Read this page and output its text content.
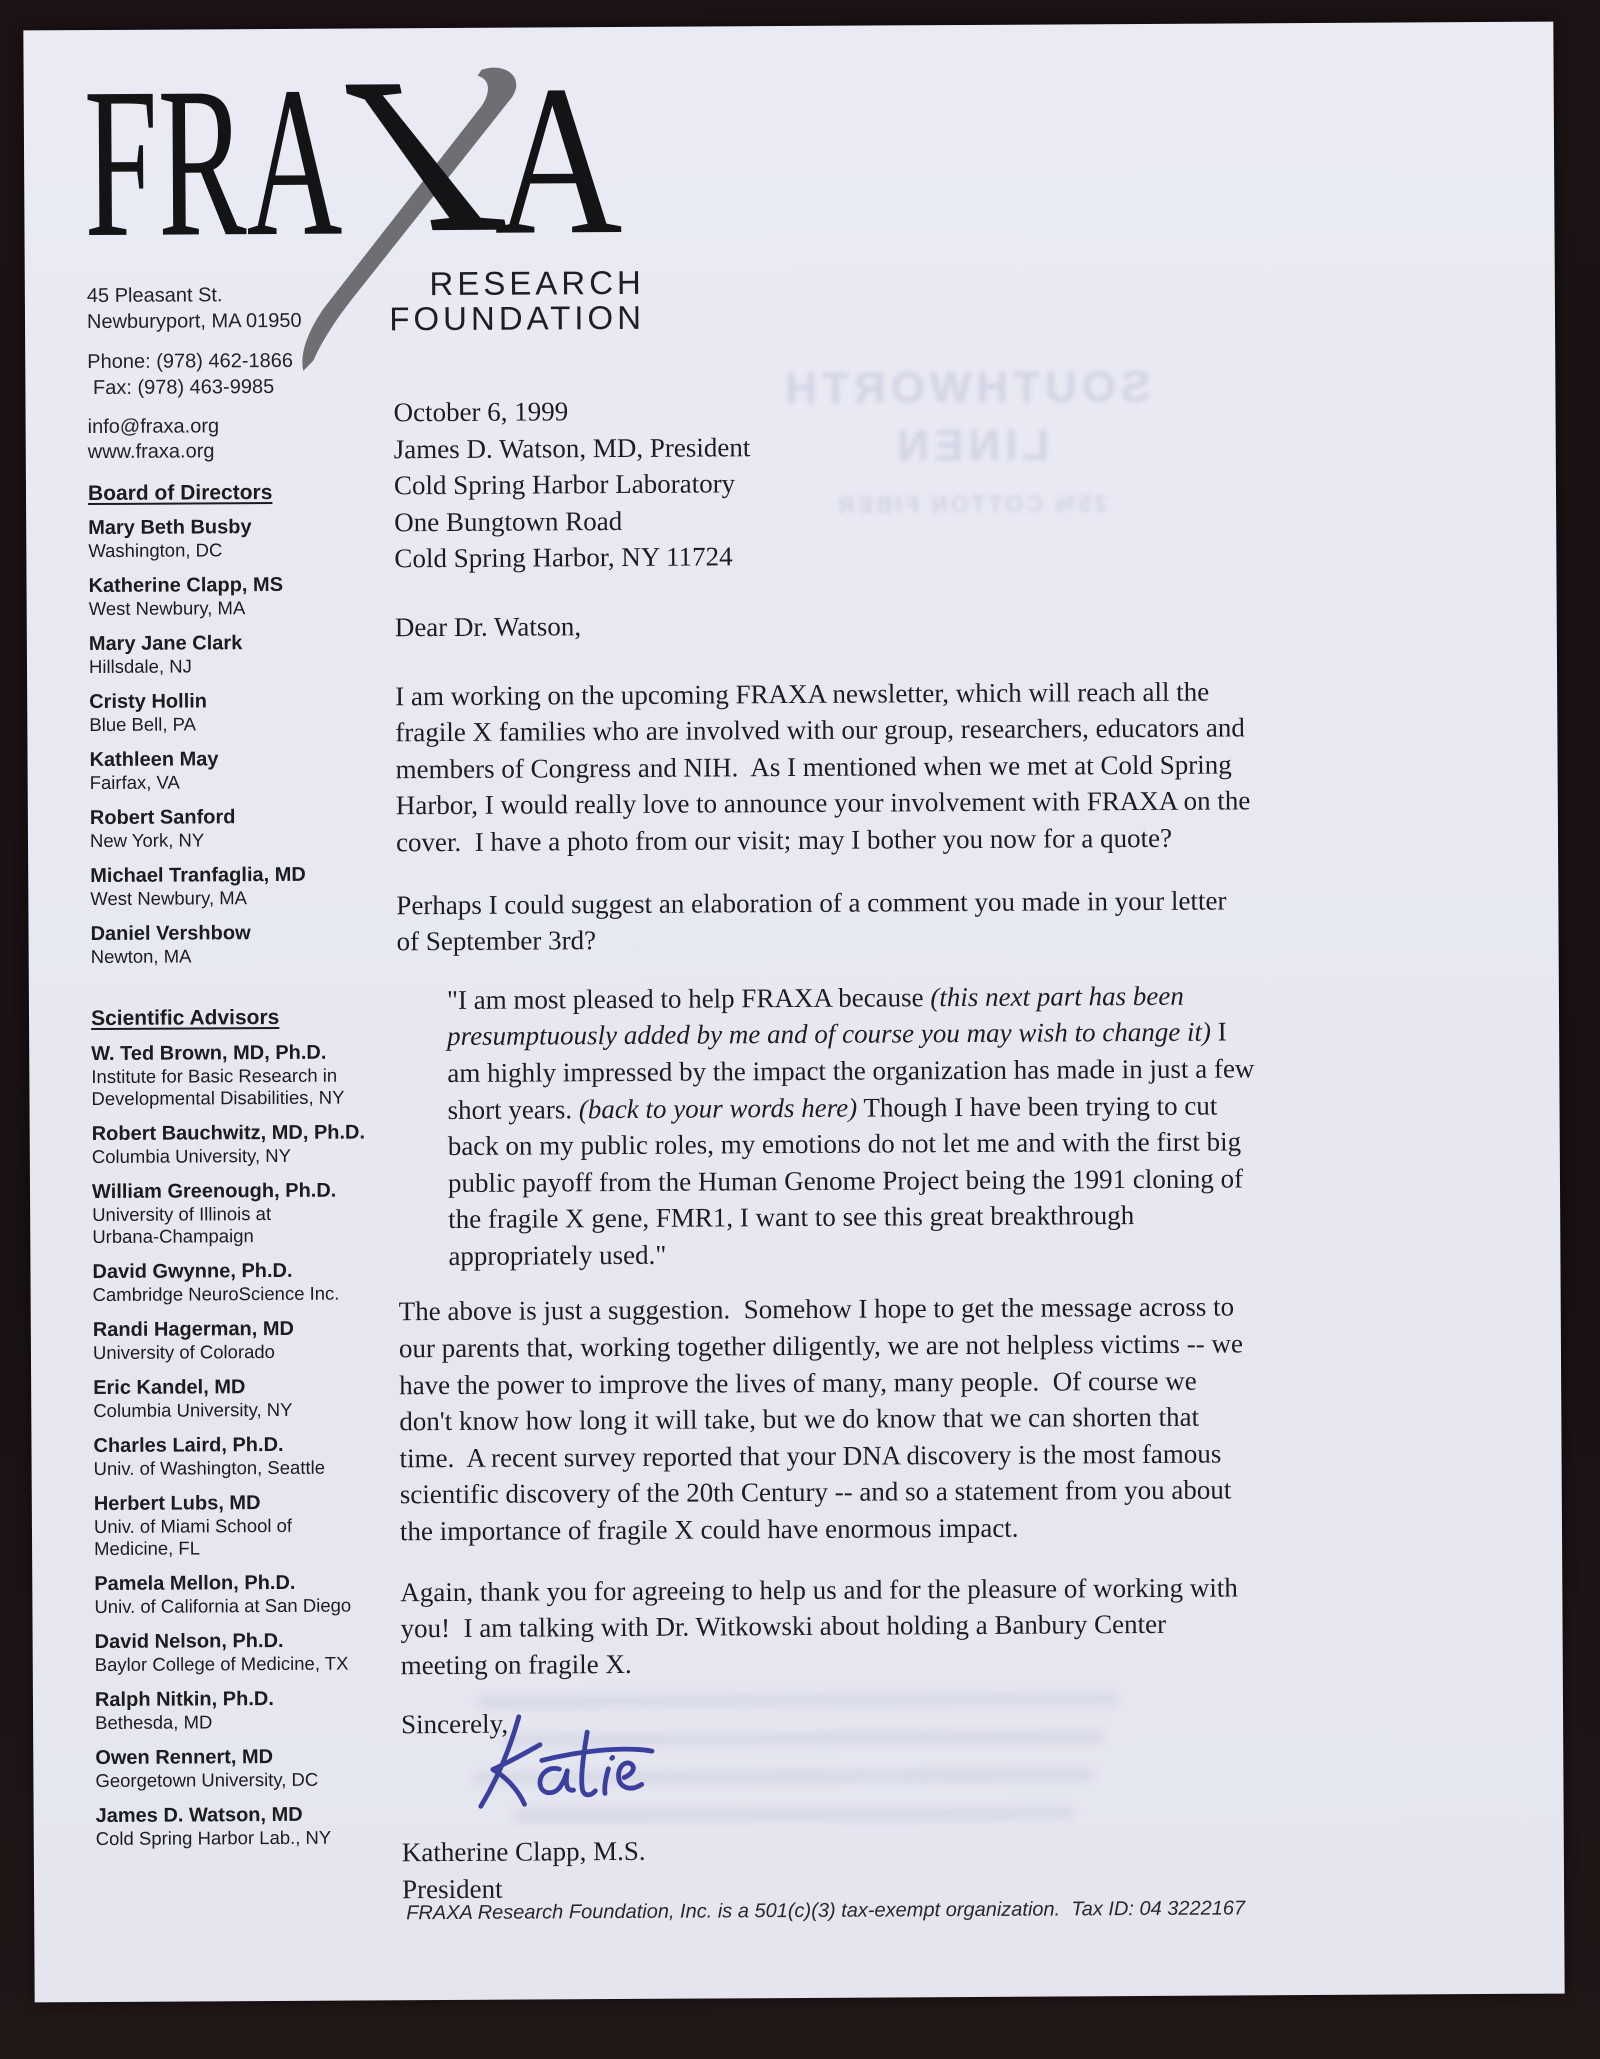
SOUTHWORTH
LINEN
25% COTTON FIBER
FRA
A
RESEARCH
FOUNDATION
45 Pleasant St.
Newburyport, MA 01950
Phone: (978) 462-1866
Fax: (978) 463-9985
info@fraxa.org
www.fraxa.org
Board of Directors
Mary Beth Busby
Washington, DC
Katherine Clapp, MS
West Newbury, MA
Mary Jane Clark
Hillsdale, NJ
Cristy Hollin
Blue Bell, PA
Kathleen May
Fairfax, VA
Robert Sanford
New York, NY
Michael Tranfaglia, MD
West Newbury, MA
Daniel Vershbow
Newton, MA
Scientific Advisors
W. Ted Brown, MD, Ph.D.
Institute for Basic Research in
Developmental Disabilities, NY
Robert Bauchwitz, MD, Ph.D.
Columbia University, NY
William Greenough, Ph.D.
University of Illinois at
Urbana-Champaign
David Gwynne, Ph.D.
Cambridge NeuroScience Inc.
Randi Hagerman, MD
University of Colorado
Eric Kandel, MD
Columbia University, NY
Charles Laird, Ph.D.
Univ. of Washington, Seattle
Herbert Lubs, MD
Univ. of Miami School of
Medicine, FL
Pamela Mellon, Ph.D.
Univ. of California at San Diego
David Nelson, Ph.D.
Baylor College of Medicine, TX
Ralph Nitkin, Ph.D.
Bethesda, MD
Owen Rennert, MD
Georgetown University, DC
James D. Watson, MD
Cold Spring Harbor Lab., NY
October 6, 1999
James D. Watson, MD, President
Cold Spring Harbor Laboratory
One Bungtown Road
Cold Spring Harbor, NY 11724
Dear Dr. Watson,
I am working on the upcoming FRAXA newsletter, which will reach all the
fragile X families who are involved with our group, researchers, educators and
members of Congress and NIH.  As I mentioned when we met at Cold Spring
Harbor, I would really love to announce your involvement with FRAXA on the
cover.  I have a photo from our visit; may I bother you now for a quote?
Perhaps I could suggest an elaboration of a comment you made in your letter
of September 3rd?
"I am most pleased to help FRAXA because (this next part has been
presumptuously added by me and of course you may wish to change it) I
am highly impressed by the impact the organization has made in just a few
short years. (back to your words here) Though I have been trying to cut
back on my public roles, my emotions do not let me and with the first big
public payoff from the Human Genome Project being the 1991 cloning of
the fragile X gene, FMR1, I want to see this great breakthrough
appropriately used."
The above is just a suggestion.  Somehow I hope to get the message across to
our parents that, working together diligently, we are not helpless victims -- we
have the power to improve the lives of many, many people.  Of course we
don't know how long it will take, but we do know that we can shorten that
time.  A recent survey reported that your DNA discovery is the most famous
scientific discovery of the 20th Century -- and so a statement from you about
the importance of fragile X could have enormous impact.
Again, thank you for agreeing to help us and for the pleasure of working with
you!  I am talking with Dr. Witkowski about holding a Banbury Center
meeting on fragile X.
Sincerely,
Katherine Clapp, M.S.
President
FRAXA Research Foundation, Inc. is a 501(c)(3) tax-exempt organization.  Tax ID: 04 3222167
